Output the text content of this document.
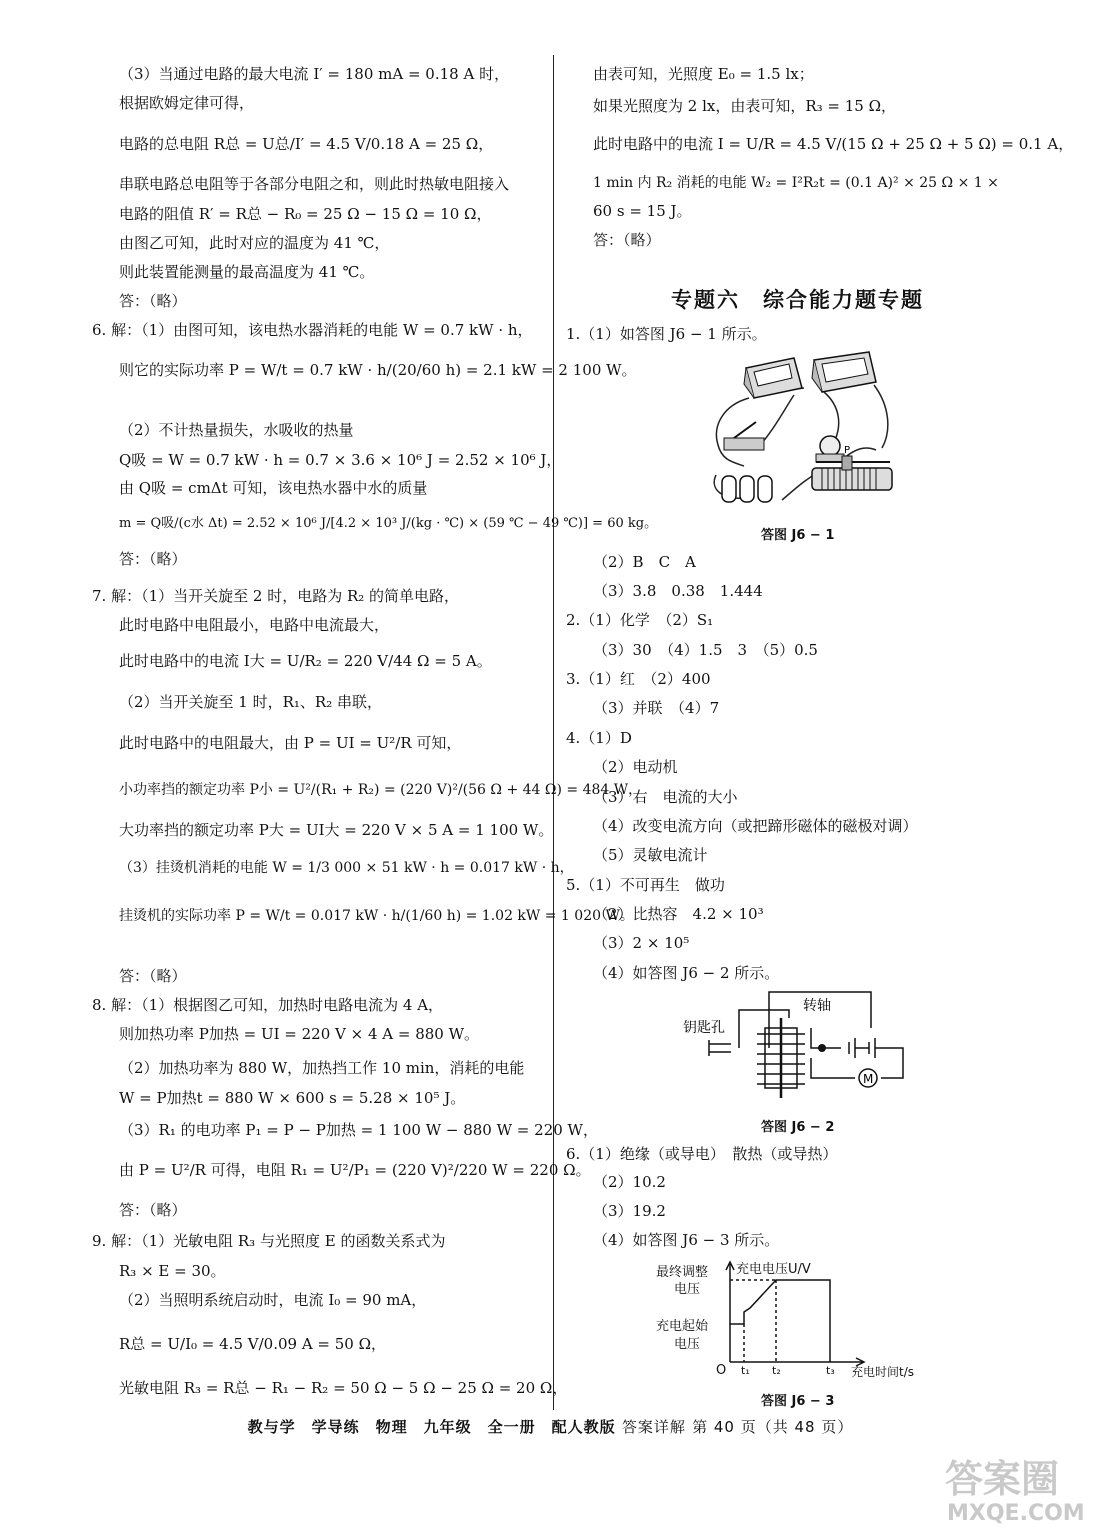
（3）当通过电路的最大电流 I′ = 180 mA = 0.18 A 时，
根据欧姆定律可得，
电路的总电阻 R总 = U总/I′ = 4.5 V/0.18 A = 25 Ω，
串联电路总电阻等于各部分电阻之和，则此时热敏电阻接入
电路的阻值 R′ = R总 − R₀ = 25 Ω − 15 Ω = 10 Ω，
由图乙可知，此时对应的温度为 41 ℃，
则此装置能测量的最高温度为 41 ℃。
答：（略）
6. 解：（1）由图可知，该电热水器消耗的电能 W = 0.7 kW · h，
则它的实际功率 P = W/t = 0.7 kW · h/(20/60 h) = 2.1 kW = 2 100 W。
（2）不计热量损失，水吸收的热量
Q吸 = W = 0.7 kW · h = 0.7 × 3.6 × 10⁶ J = 2.52 × 10⁶ J，
由 Q吸 = cmΔt 可知，该电热水器中水的质量
m = Q吸/(c水 Δt) = 2.52 × 10⁶ J/[4.2 × 10³ J/(kg · ℃) × (59 ℃ − 49 ℃)] = 60 kg。
答：（略）
7. 解：（1）当开关旋至 2 时，电路为 R₂ 的简单电路，
此时电路中电阻最小，电路中电流最大，
此时电路中的电流 I大 = U/R₂ = 220 V/44 Ω = 5 A。
（2）当开关旋至 1 时，R₁、R₂ 串联，
此时电路中的电阻最大，由 P = UI = U²/R 可知，
小功率挡的额定功率 P小 = U²/(R₁ + R₂) = (220 V)²/(56 Ω + 44 Ω) = 484 W，
大功率挡的额定功率 P大 = UI大 = 220 V × 5 A = 1 100 W。
（3）挂烫机消耗的电能 W = 1/3 000 × 51 kW · h = 0.017 kW · h，
挂烫机的实际功率 P = W/t = 0.017 kW · h/(1/60 h) = 1.02 kW = 1 020 W。
答：（略）
8. 解：（1）根据图乙可知，加热时电路电流为 4 A，
则加热功率 P加热 = UI = 220 V × 4 A = 880 W。
（2）加热功率为 880 W，加热挡工作 10 min，消耗的电能
W = P加热t = 880 W × 600 s = 5.28 × 10⁵ J。
（3）R₁ 的电功率 P₁ = P − P加热 = 1 100 W − 880 W = 220 W，
由 P = U²/R 可得，电阻 R₁ = U²/P₁ = (220 V)²/220 W = 220 Ω。
答：（略）
9. 解：（1）光敏电阻 R₃ 与光照度 E 的函数关系式为
R₃ × E = 30。
（2）当照明系统启动时，电流 I₀ = 90 mA，
R总 = U/I₀ = 4.5 V/0.09 A = 50 Ω，
光敏电阻 R₃ = R总 − R₁ − R₂ = 50 Ω − 5 Ω − 25 Ω = 20 Ω，
由表可知，光照度 E₀ = 1.5 lx；
如果光照度为 2 lx，由表可知，R₃ = 15 Ω，
此时电路中的电流 I = U/R = 4.5 V/(15 Ω + 25 Ω + 5 Ω) = 0.1 A，
1 min 内 R₂ 消耗的电能 W₂ = I²R₂t = (0.1 A)² × 25 Ω × 1 ×
60 s = 15 J。
答：（略）
专题六　综合能力题专题
1.（1）如答图 J6 − 1 所示。
P
答图 J6 − 1
（2）B　C　A
（3）3.8　0.38　1.444
2.（1）化学　（2）S₁
（3）30　（4）1.5　3　（5）0.5
3.（1）红　（2）400
（3）并联　（4）7
4.（1）D
（2）电动机
（3）右　电流的大小
（4）改变电流方向（或把蹄形磁体的磁极对调）
（5）灵敏电流计
5.（1）不可再生　做功
（2）比热容　4.2 × 10³
（3）2 × 10⁵
（4）如答图 J6 − 2 所示。
M
转轴
钥匙孔
答图 J6 − 2
6.（1）绝缘（或导电）　散热（或导热）
（2）10.2
（3）19.2
（4）如答图 J6 − 3 所示。
充电电压U/V
充电时间t/s
最终调整
电压
充电起始
电压
O t₁ t₂	t₃
答图 J6 − 3
教与学　学导练　物理　九年级　全一册　配人教版 答案详解 第 40 页（共 48 页）
答案圈
MXQE.COM
